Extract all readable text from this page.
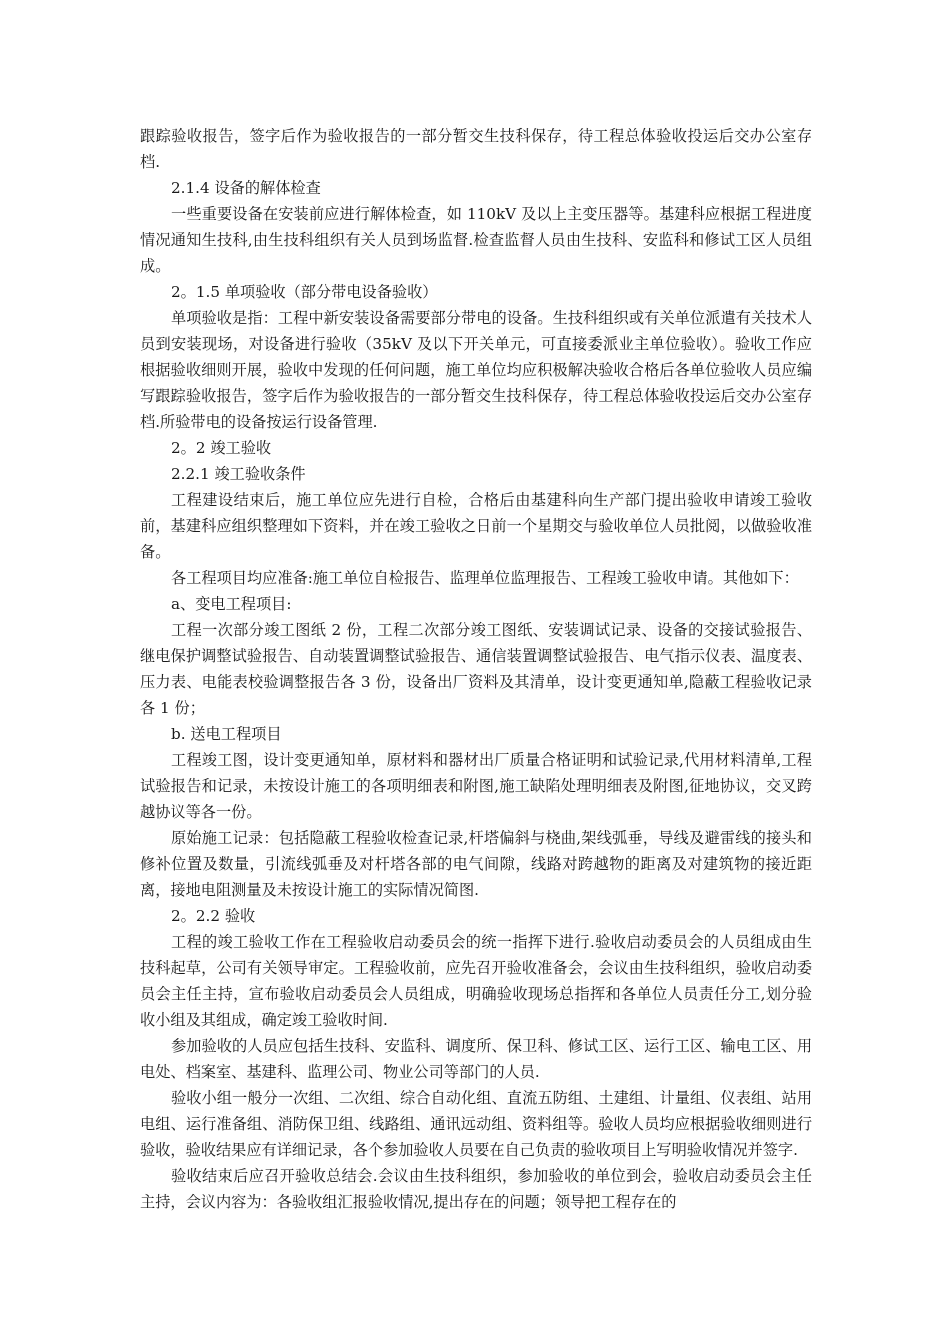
跟踪验收报告，签字后作为验收报告的一部分暂交生技科保存，待工程总体验收投运后交办公室存档.

2.1.4 设备的解体检查

一些重要设备在安装前应进行解体检查，如 110kV 及以上主变压器等。基建科应根据工程进度情况通知生技科,由生技科组织有关人员到场监督.检查监督人员由生技科、安监科和修试工区人员组成。

2。1.5 单项验收（部分带电设备验收）

单项验收是指：工程中新安装设备需要部分带电的设备。生技科组织或有关单位派遣有关技术人员到安装现场，对设备进行验收（35kV 及以下开关单元，可直接委派业主单位验收）。验收工作应根据验收细则开展，验收中发现的任何问题，施工单位均应积极解决验收合格后各单位验收人员应编写跟踪验收报告，签字后作为验收报告的一部分暂交生技科保存，待工程总体验收投运后交办公室存档.所验带电的设备按运行设备管理.

2。2 竣工验收

2.2.1 竣工验收条件

工程建设结束后，施工单位应先进行自检，合格后由基建科向生产部门提出验收申请竣工验收前，基建科应组织整理如下资料，并在竣工验收之日前一个星期交与验收单位人员批阅，以做验收准备。

各工程项目均应准备:施工单位自检报告、监理单位监理报告、工程竣工验收申请。其他如下：

a、变电工程项目:

工程一次部分竣工图纸 2 份，工程二次部分竣工图纸、安装调试记录、设备的交接试验报告、继电保护调整试验报告、自动装置调整试验报告、通信装置调整试验报告、电气指示仪表、温度表、压力表、电能表校验调整报告各 3 份，设备出厂资料及其清单，设计变更通知单,隐蔽工程验收记录各 1 份；

b. 送电工程项目

工程竣工图，设计变更通知单，原材料和器材出厂质量合格证明和试验记录,代用材料清单,工程试验报告和记录，未按设计施工的各项明细表和附图,施工缺陷处理明细表及附图,征地协议，交叉跨越协议等各一份。

原始施工记录：包括隐蔽工程验收检查记录,杆塔偏斜与桡曲,架线弧垂，导线及避雷线的接头和修补位置及数量，引流线弧垂及对杆塔各部的电气间隙，线路对跨越物的距离及对建筑物的接近距离，接地电阻测量及未按设计施工的实际情况简图.

2。2.2 验收

工程的竣工验收工作在工程验收启动委员会的统一指挥下进行.验收启动委员会的人员组成由生技科起草，公司有关领导审定。工程验收前，应先召开验收准备会，会议由生技科组织，验收启动委员会主任主持，宣布验收启动委员会人员组成，明确验收现场总指挥和各单位人员责任分工,划分验收小组及其组成，确定竣工验收时间.

参加验收的人员应包括生技科、安监科、调度所、保卫科、修试工区、运行工区、输电工区、用电处、档案室、基建科、监理公司、物业公司等部门的人员.

验收小组一般分一次组、二次组、综合自动化组、直流五防组、土建组、计量组、仪表组、站用电组、运行准备组、消防保卫组、线路组、通讯远动组、资料组等。验收人员均应根据验收细则进行验收，验收结果应有详细记录，各个参加验收人员要在自己负责的验收项目上写明验收情况并签字.

验收结束后应召开验收总结会.会议由生技科组织，参加验收的单位到会，验收启动委员会主任主持，会议内容为：各验收组汇报验收情况,提出存在的问题；领导把工程存在的
